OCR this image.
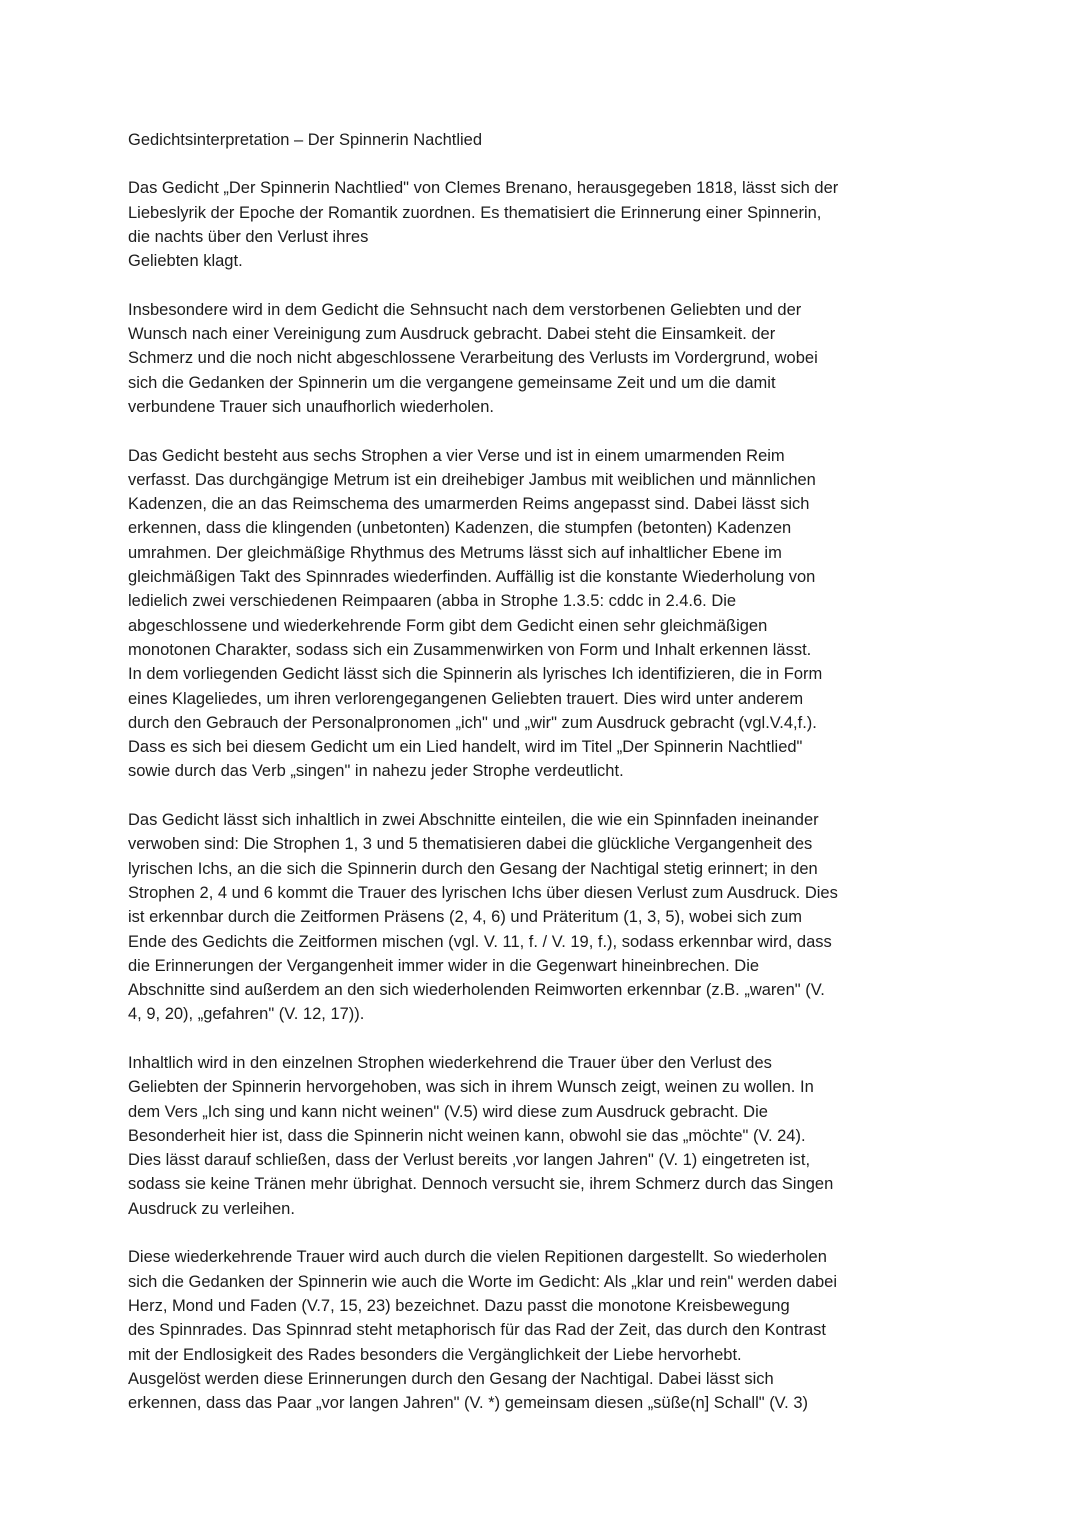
Gedichtsinterpretation – Der Spinnerin Nachtlied
Das Gedicht „Der Spinnerin Nachtlied" von Clemes Brenano, herausgegeben 1818, lässt sich der
Liebeslyrik der Epoche der Romantik zuordnen. Es thematisiert die Erinnerung einer Spinnerin,
die nachts über den Verlust ihres
Geliebten klagt.
Insbesondere wird in dem Gedicht die Sehnsucht nach dem verstorbenen Geliebten und der
Wunsch nach einer Vereinigung zum Ausdruck gebracht. Dabei steht die Einsamkeit. der
Schmerz und die noch nicht abgeschlossene Verarbeitung des Verlusts im Vordergrund, wobei
sich die Gedanken der Spinnerin um die vergangene gemeinsame Zeit und um die damit
verbundene Trauer sich unaufhorlich wiederholen.
Das Gedicht besteht aus sechs Strophen a vier Verse und ist in einem umarmenden Reim
verfasst. Das durchgängige Metrum ist ein dreihebiger Jambus mit weiblichen und männlichen
Kadenzen, die an das Reimschema des umarmerden Reims angepasst sind. Dabei lässt sich
erkennen, dass die klingenden (unbetonten) Kadenzen, die stumpfen (betonten) Kadenzen
umrahmen. Der gleichmäßige Rhythmus des Metrums lässt sich auf inhaltlicher Ebene im
gleichmäßigen Takt des Spinnrades wiederfinden. Auffällig ist die konstante Wiederholung von
ledielich zwei verschiedenen Reimpaaren (abba in Strophe 1.3.5: cddc in 2.4.6. Die
abgeschlossene und wiederkehrende Form gibt dem Gedicht einen sehr gleichmäßigen
monotonen Charakter, sodass sich ein Zusammenwirken von Form und Inhalt erkennen lässt.
In dem vorliegenden Gedicht lässt sich die Spinnerin als lyrisches Ich identifizieren, die in Form
eines Klageliedes, um ihren verlorengegangenen Geliebten trauert. Dies wird unter anderem
durch den Gebrauch der Personalpronomen „ich" und „wir" zum Ausdruck gebracht (vgl.V.4,f.).
Dass es sich bei diesem Gedicht um ein Lied handelt, wird im Titel „Der Spinnerin Nachtlied"
sowie durch das Verb „singen" in nahezu jeder Strophe verdeutlicht.
Das Gedicht lässt sich inhaltlich in zwei Abschnitte einteilen, die wie ein Spinnfaden ineinander
verwoben sind: Die Strophen 1, 3 und 5 thematisieren dabei die glückliche Vergangenheit des
lyrischen Ichs, an die sich die Spinnerin durch den Gesang der Nachtigal stetig erinnert; in den
Strophen 2, 4 und 6 kommt die Trauer des lyrischen Ichs über diesen Verlust zum Ausdruck. Dies
ist erkennbar durch die Zeitformen Präsens (2, 4, 6) und Präteritum (1, 3, 5), wobei sich zum
Ende des Gedichts die Zeitformen mischen (vgl. V. 11, f. / V. 19, f.), sodass erkennbar wird, dass
die Erinnerungen der Vergangenheit immer wider in die Gegenwart hineinbrechen. Die
Abschnitte sind außerdem an den sich wiederholenden Reimworten erkennbar (z.B. „waren" (V.
4, 9, 20), „gefahren" (V. 12, 17)).
Inhaltlich wird in den einzelnen Strophen wiederkehrend die Trauer über den Verlust des
Geliebten der Spinnerin hervorgehoben, was sich in ihrem Wunsch zeigt, weinen zu wollen. In
dem Vers „Ich sing und kann nicht weinen" (V.5) wird diese zum Ausdruck gebracht. Die
Besonderheit hier ist, dass die Spinnerin nicht weinen kann, obwohl sie das „möchte" (V. 24).
Dies lässt darauf schließen, dass der Verlust bereits ‚vor langen Jahren" (V. 1) eingetreten ist,
sodass sie keine Tränen mehr übrighat. Dennoch versucht sie, ihrem Schmerz durch das Singen
Ausdruck zu verleihen.
Diese wiederkehrende Trauer wird auch durch die vielen Repitionen dargestellt. So wiederholen
sich die Gedanken der Spinnerin wie auch die Worte im Gedicht: Als „klar und rein" werden dabei
Herz, Mond und Faden (V.7, 15, 23) bezeichnet. Dazu passt die monotone Kreisbewegung
des Spinnrades. Das Spinnrad steht metaphorisch für das Rad der Zeit, das durch den Kontrast
mit der Endlosigkeit des Rades besonders die Vergänglichkeit der Liebe hervorhebt.
Ausgelöst werden diese Erinnerungen durch den Gesang der Nachtigal. Dabei lässt sich
erkennen, dass das Paar „vor langen Jahren" (V. *) gemeinsam diesen „süße(n] Schall" (V. 3)
